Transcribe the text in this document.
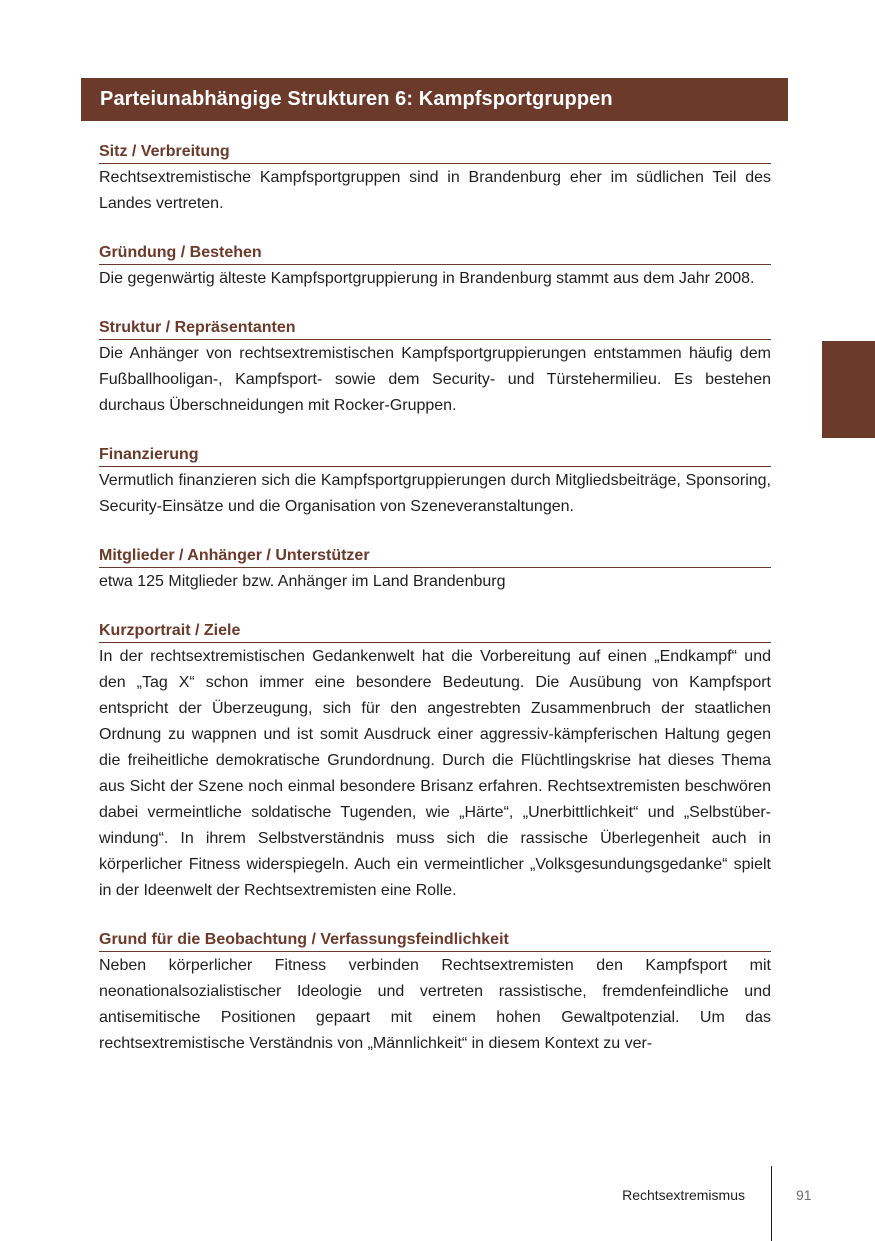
Parteiunabhängige Strukturen 6: Kampfsportgruppen
Sitz / Verbreitung

Rechtsextremistische Kampfsportgruppen sind in Brandenburg eher im südlichen Teil des Landes vertreten.

Gründung / Bestehen

Die gegenwärtig älteste Kampfsportgruppierung in Brandenburg stammt aus dem Jahr 2008.

Struktur / Repräsentanten

Die Anhänger von rechtsextremistischen Kampfsportgruppierungen entstammen häufig dem Fußballhooligan-, Kampfsport- sowie dem Security- und Türstehermilieu. Es bestehen durchaus Überschneidungen mit Rocker-Gruppen.

Finanzierung

Vermutlich finanzieren sich die Kampfsportgruppierungen durch Mitgliedsbeiträge, Sponsoring, Security-Einsätze und die Organisation von Szeneveranstaltungen.

Mitglieder / Anhänger / Unterstützer

etwa 125 Mitglieder bzw. Anhänger im Land Brandenburg

Kurzportrait / Ziele

In der rechtsextremistischen Gedankenwelt hat die Vorbereitung auf einen „Endkampf“ und den „Tag X“ schon immer eine besondere Bedeutung. Die Ausübung von Kampfsport entspricht der Überzeugung, sich für den angestrebten Zusammenbruch der staatlichen Ordnung zu wappnen und ist somit Ausdruck einer aggressiv-kämpferischen Haltung gegen die freiheitliche demokratische Grundordnung. Durch die Flüchtlingskrise hat dieses Thema aus Sicht der Szene noch einmal besondere Brisanz erfahren. Rechtsextremisten beschwören dabei vermeintliche soldatische Tugenden, wie „Härte“, „Unerbittlichkeit“ und „Selbstüberwindung“. In ihrem Selbstverständnis muss sich die rassische Überlegenheit auch in körperlicher Fitness widerspiegeln. Auch ein vermeintlicher „Volksgesundungsgedanke“ spielt in der Ideenwelt der Rechtsextremisten eine Rolle.

Grund für die Beobachtung / Verfassungsfeindlichkeit

Neben körperlicher Fitness verbinden Rechtsextremisten den Kampfsport mit neonationalsozialistischer Ideologie und vertreten rassistische, fremdenfeindliche und antisemitische Positionen gepaart mit einem hohen Gewaltpotenzial. Um das rechtsextremistische Verständnis von „Männlichkeit“ in diesem Kontext zu ver-

Rechtsextremismus	91
